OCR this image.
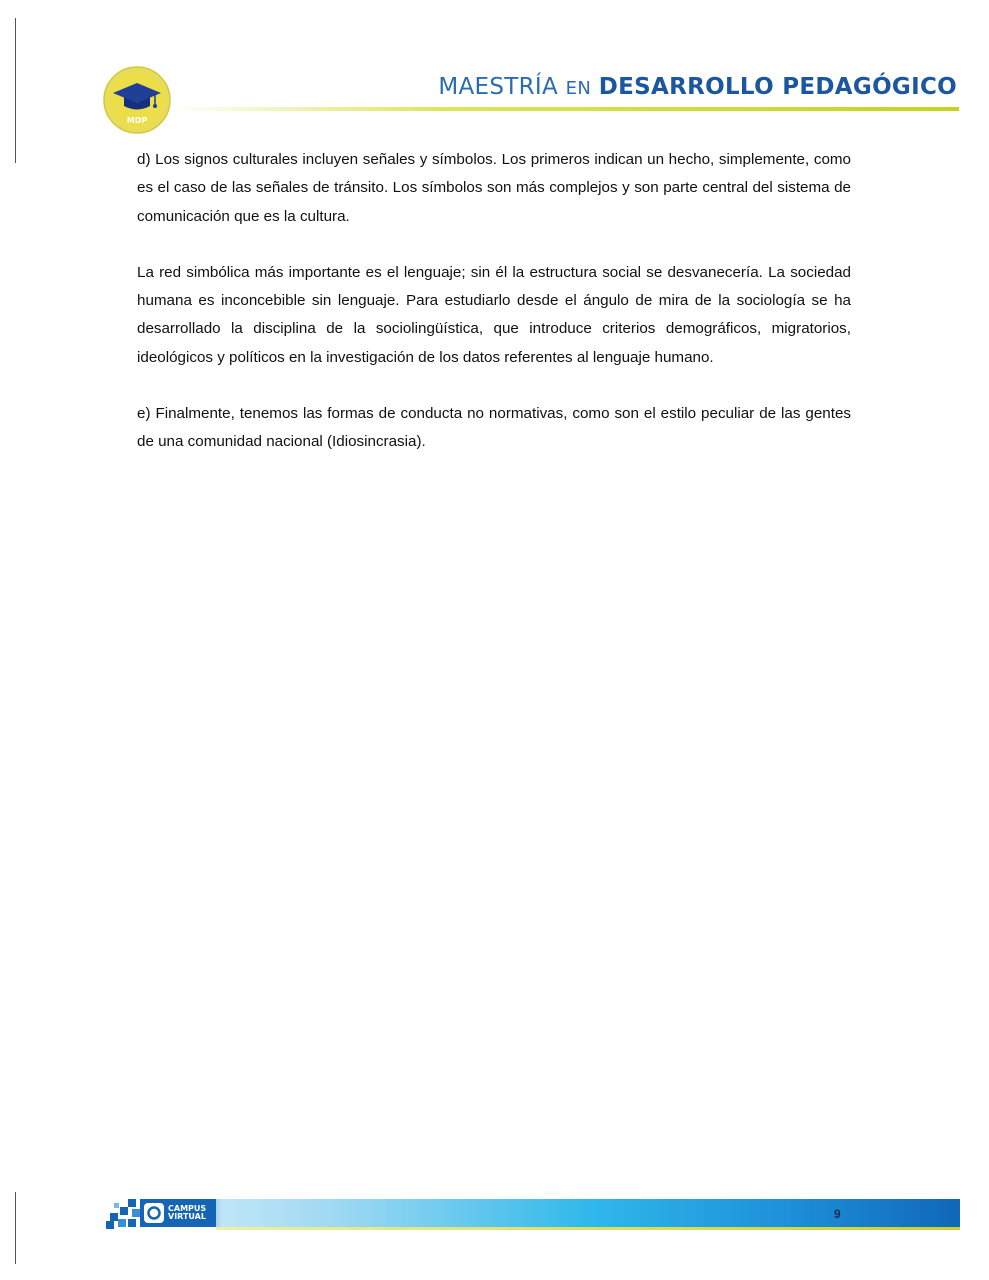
MDP
MAESTRÍA EN DESARROLLO PEDAGÓGICO

d) Los signos culturales incluyen señales y símbolos. Los primeros indican un hecho, simplemente, como es el caso de las señales de tránsito. Los símbolos son más complejos y son parte central del sistema de comunicación que es la cultura.

La red simbólica más importante es el lenguaje; sin él la estructura social se desvanecería. La sociedad humana es inconcebible sin lenguaje. Para estudiarlo desde el ángulo de mira de la sociología se ha desarrollado la disciplina de la sociolingüística, que introduce criterios demográficos, migratorios, ideológicos y políticos en la investigación de los datos referentes al lenguaje humano.

e) Finalmente, tenemos las formas de conducta no normativas, como son el estilo peculiar de las gentes de una comunidad nacional (Idiosincrasia).

CAMPUS
VIRTUAL	9
